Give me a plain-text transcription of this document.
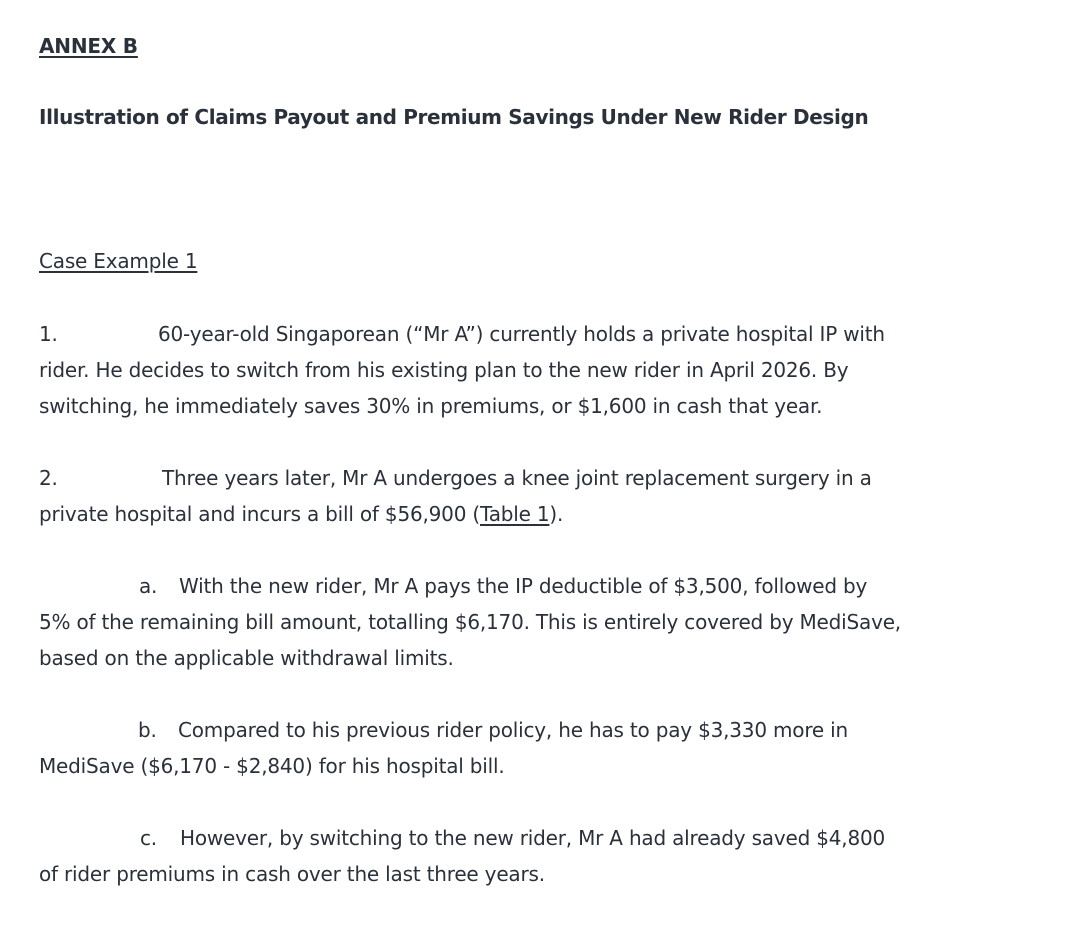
ANNEX B
Illustration of Claims Payout and Premium Savings Under New Rider Design
Case Example 1
1.	60-year-old Singaporean (“Mr A”) currently holds a private hospital IP with
rider. He decides to switch from his existing plan to the new rider in April 2026. By
switching, he immediately saves 30% in premiums, or $1,600 in cash that year.
2.	Three years later, Mr A undergoes a knee joint replacement surgery in a
private hospital and incurs a bill of $56,900 (Table 1).
a. With the new rider, Mr A pays the IP deductible of $3,500, followed by
5% of the remaining bill amount, totalling $6,170. This is entirely covered by MediSave,
based on the applicable withdrawal limits.
b. Compared to his previous rider policy, he has to pay $3,330 more in
MediSave ($6,170 - $2,840) for his hospital bill.
c. However, by switching to the new rider, Mr A had already saved $4,800
of rider premiums in cash over the last three years.
